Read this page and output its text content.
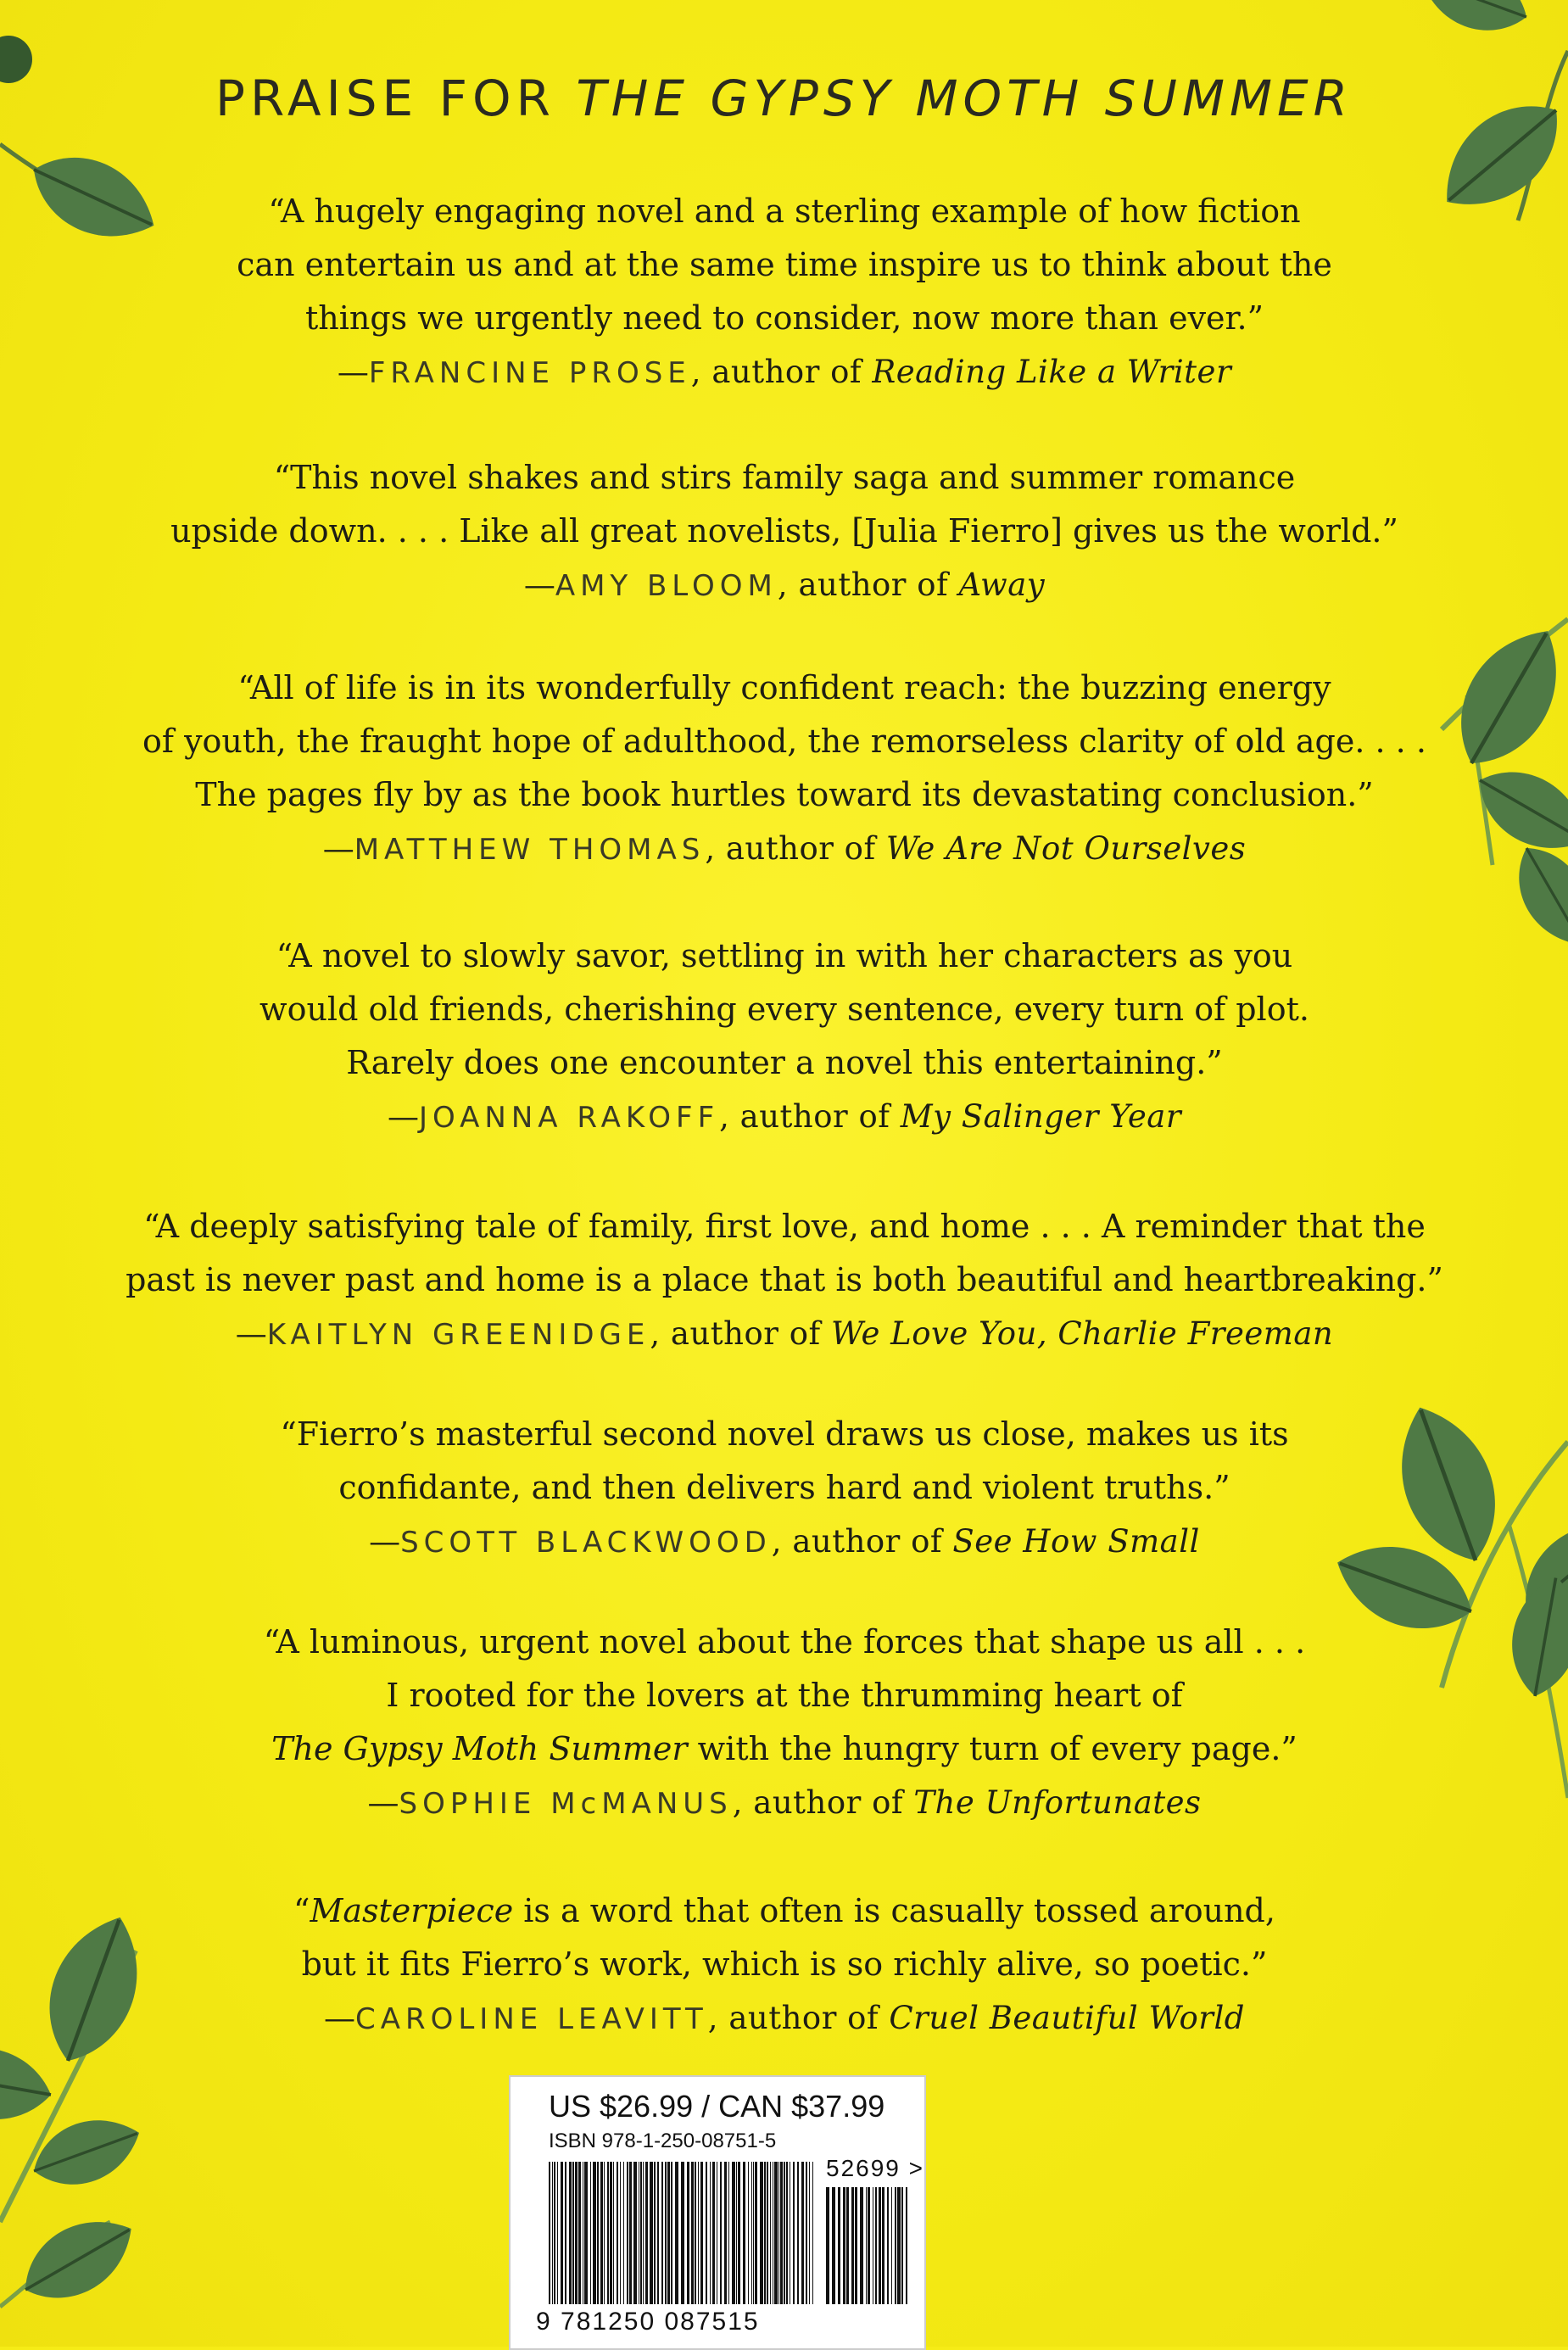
PRAISE FOR THE GYPSY MOTH SUMMER

“A hugely engaging novel and a sterling example of how fiction

can entertain us and at the same time inspire us to think about the

things we urgently need to consider, now more than ever.”

—FRANCINE PROSE, author of Reading Like a Writer

“This novel shakes and stirs family saga and summer romance

upside down. . . . Like all great novelists, [Julia Fierro] gives us the world.”

—AMY BLOOM, author of Away

“All of life is in its wonderfully confident reach: the buzzing energy

of youth, the fraught hope of adulthood, the remorseless clarity of old age. . . .

The pages fly by as the book hurtles toward its devastating conclusion.”

—MATTHEW THOMAS, author of We Are Not Ourselves

“A novel to slowly savor, settling in with her characters as you

would old friends, cherishing every sentence, every turn of plot.

Rarely does one encounter a novel this entertaining.”

—JOANNA RAKOFF, author of My Salinger Year

“A deeply satisfying tale of family, first love, and home . . . A reminder that the

past is never past and home is a place that is both beautiful and heartbreaking.”

—KAITLYN GREENIDGE, author of We Love You, Charlie Freeman

“Fierro’s masterful second novel draws us close, makes us its

confidante, and then delivers hard and violent truths.”

—SCOTT BLACKWOOD, author of See How Small

“A luminous, urgent novel about the forces that shape us all . . .

I rooted for the lovers at the thrumming heart of

The Gypsy Moth Summer with the hungry turn of every page.”

—SOPHIE McMANUS, author of The Unfortunates

“Masterpiece is a word that often is casually tossed around,

but it fits Fierro’s work, which is so richly alive, so poetic.”

—CAROLINE LEAVITT, author of Cruel Beautiful World

US $26.99 / CAN $37.99
ISBN 978-1-250-08751-5
52699 >
9 781250 087515
